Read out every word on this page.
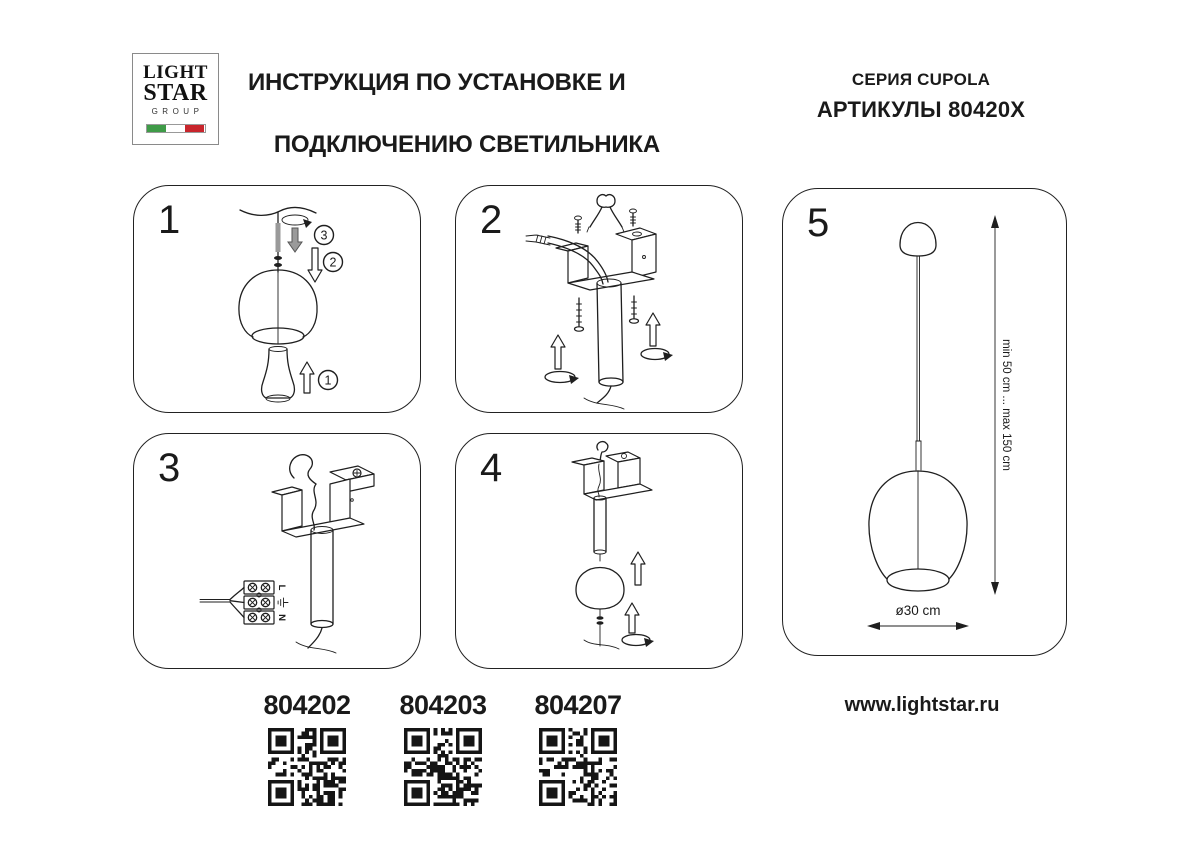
LIGHT
STAR
GROUP
ИНСТРУКЦИЯ ПО УСТАНОВКЕ И

ПОДКЛЮЧЕНИЮ СВЕТИЛЬНИКА
СЕРИЯ CUPOLA
АРТИКУЛЫ 80420X
1	3
2
1
2
3
L
N
4
5
min 50 cm ... max 150 cm
ø30 cm
804202 804203 804207	www.lightstar.ru
